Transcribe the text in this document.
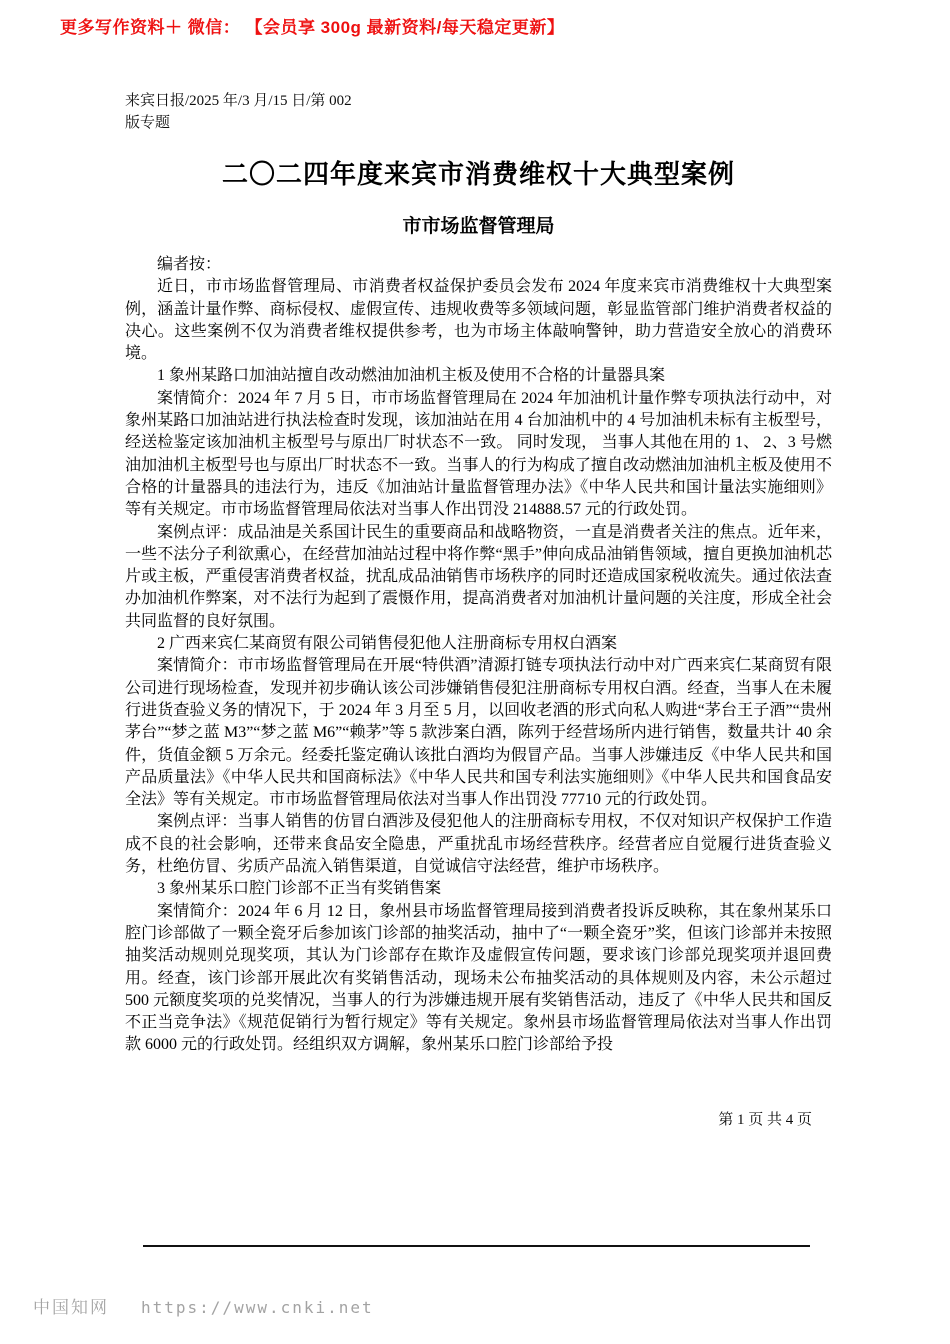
更多写作资料＋ 微信： 【会员享 300g 最新资料/每天稳定更新】
来宾日报/2025 年/3 月/15 日/第 002
版专题
二〇二四年度来宾市消费维权十大典型案例
市市场监督管理局

编者按：

近日，市市场监督管理局、市消费者权益保护委员会发布 2024 年度来宾市消费维权十大典型案例，涵盖计量作弊、商标侵权、虚假宣传、违规收费等多领域问题，彰显监管部门维护消费者权益的决心。这些案例不仅为消费者维权提供参考，也为市场主体敲响警钟，助力营造安全放心的消费环境。

1 象州某路口加油站擅自改动燃油加油机主板及使用不合格的计量器具案

案情简介：2024 年 7 月 5 日，市市场监督管理局在 2024 年加油机计量作弊专项执法行动中，对象州某路口加油站进行执法检查时发现，该加油站在用 4 台加油机中的 4 号加油机未标有主板型号， 经送检鉴定该加油机主板型号与原出厂时状态不一致。 同时发现， 当事人其他在用的 1、 2、3 号燃油加油机主板型号也与原出厂时状态不一致。当事人的行为构成了擅自改动燃油加油机主板及使用不合格的计量器具的违法行为，违反《加油站计量监督管理办法》《中华人民共和国计量法实施细则》等有关规定。市市场监督管理局依法对当事人作出罚没 214888.57 元的行政处罚。

案例点评：成品油是关系国计民生的重要商品和战略物资，一直是消费者关注的焦点。近年来，一些不法分子利欲熏心，在经营加油站过程中将作弊“黑手”伸向成品油销售领域，擅自更换加油机芯片或主板，严重侵害消费者权益，扰乱成品油销售市场秩序的同时还造成国家税收流失。通过依法查办加油机作弊案，对不法行为起到了震慑作用，提高消费者对加油机计量问题的关注度，形成全社会共同监督的良好氛围。

2 广西来宾仁某商贸有限公司销售侵犯他人注册商标专用权白酒案

案情简介：市市场监督管理局在开展“特供酒”清源打链专项执法行动中对广西来宾仁某商贸有限公司进行现场检查，发现并初步确认该公司涉嫌销售侵犯注册商标专用权白酒。经查，当事人在未履行进货查验义务的情况下，于 2024 年 3 月至 5 月，以回收老酒的形式向私人购进“茅台王子酒”“贵州茅台”“梦之蓝 M3”“梦之蓝 M6”“赖茅”等 5 款涉案白酒，陈列于经营场所内进行销售，数量共计 40 余件，货值金额 5 万余元。经委托鉴定确认该批白酒均为假冒产品。当事人涉嫌违反《中华人民共和国产品质量法》《中华人民共和国商标法》《中华人民共和国专利法实施细则》《中华人民共和国食品安全法》等有关规定。市市场监督管理局依法对当事人作出罚没 77710 元的行政处罚。

案例点评：当事人销售的仿冒白酒涉及侵犯他人的注册商标专用权，不仅对知识产权保护工作造成不良的社会影响，还带来食品安全隐患，严重扰乱市场经营秩序。经营者应自觉履行进货查验义务，杜绝仿冒、劣质产品流入销售渠道，自觉诚信守法经营，维护市场秩序。

3 象州某乐口腔门诊部不正当有奖销售案

案情简介：2024 年 6 月 12 日，象州县市场监督管理局接到消费者投诉反映称，其在象州某乐口腔门诊部做了一颗全瓷牙后参加该门诊部的抽奖活动，抽中了“一颗全瓷牙”奖，但该门诊部并未按照抽奖活动规则兑现奖项，其认为门诊部存在欺诈及虚假宣传问题，要求该门诊部兑现奖项并退回费用。经查，该门诊部开展此次有奖销售活动，现场未公布抽奖活动的具体规则及内容，未公示超过 500 元额度奖项的兑奖情况，当事人的行为涉嫌违规开展有奖销售活动，违反了《中华人民共和国反不正当竞争法》《规范促销行为暂行规定》等有关规定。象州县市场监督管理局依法对当事人作出罚款 6000 元的行政处罚。经组织双方调解，象州某乐口腔门诊部给予投

第 1 页 共 4 页
中国知网 https://www.cnki.net
